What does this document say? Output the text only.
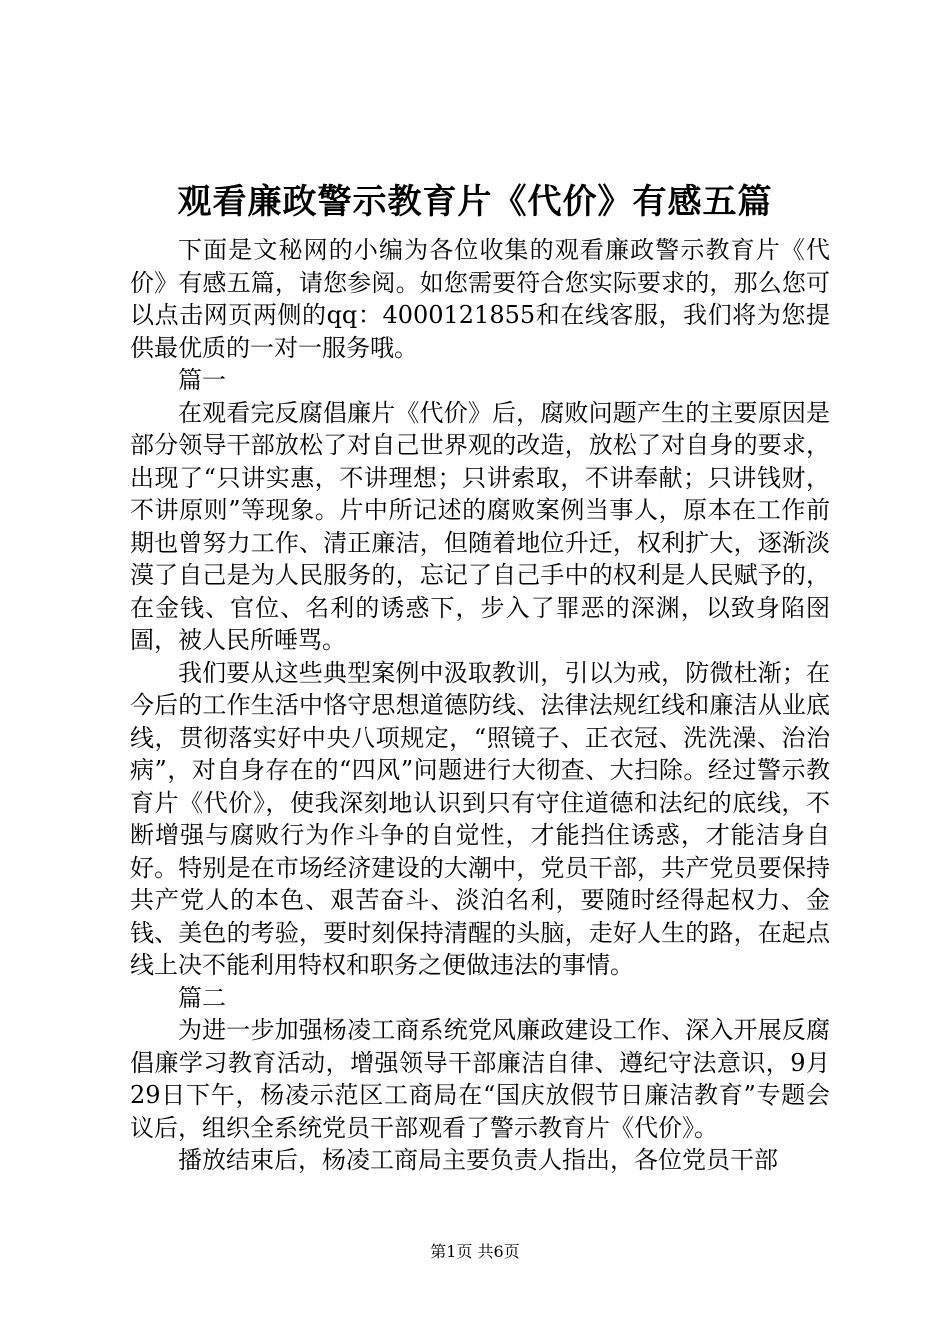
观看廉政警示教育片《代价》有感五篇

下面是文秘网的小编为各位收集的观看廉政警示教育片《代价》有感五篇，请您参阅。如您需要符合您实际要求的，那么您可以点击网页两侧的qq：4000121855和在线客服，我们将为您提供最优质的一对一服务哦。

篇一

在观看完反腐倡廉片《代价》后，腐败问题产生的主要原因是部分领导干部放松了对自己世界观的改造，放松了对自身的要求，出现了“只讲实惠，不讲理想；只讲索取，不讲奉献；只讲钱财，不讲原则”等现象。片中所记述的腐败案例当事人，原本在工作前期也曾努力工作、清正廉洁，但随着地位升迁，权利扩大，逐渐淡漠了自己是为人民服务的，忘记了自己手中的权利是人民赋予的，在金钱、官位、名利的诱惑下，步入了罪恶的深渊，以致身陷囹圄，被人民所唾骂。

我们要从这些典型案例中汲取教训，引以为戒，防微杜渐；在今后的工作生活中恪守思想道德防线、法律法规红线和廉洁从业底线，贯彻落实好中央八项规定，“照镜子、正衣冠、洗洗澡、治治病”，对自身存在的“四风”问题进行大彻查、大扫除。经过警示教育片《代价》，使我深刻地认识到只有守住道德和法纪的底线，不断增强与腐败行为作斗争的自觉性，才能挡住诱惑，才能洁身自好。特别是在市场经济建设的大潮中，党员干部，共产党员要保持共产党人的本色、艰苦奋斗、淡泊名利，要随时经得起权力、金钱、美色的考验，要时刻保持清醒的头脑，走好人生的路，在起点线上决不能利用特权和职务之便做违法的事情。

篇二

为进一步加强杨凌工商系统党风廉政建设工作、深入开展反腐倡廉学习教育活动，增强领导干部廉洁自律、遵纪守法意识，9月29日下午，杨凌示范区工商局在“国庆放假节日廉洁教育”专题会议后，组织全系统党员干部观看了警示教育片《代价》。

播放结束后，杨凌工商局主要负责人指出，各位党员干部

第1页 共6页
